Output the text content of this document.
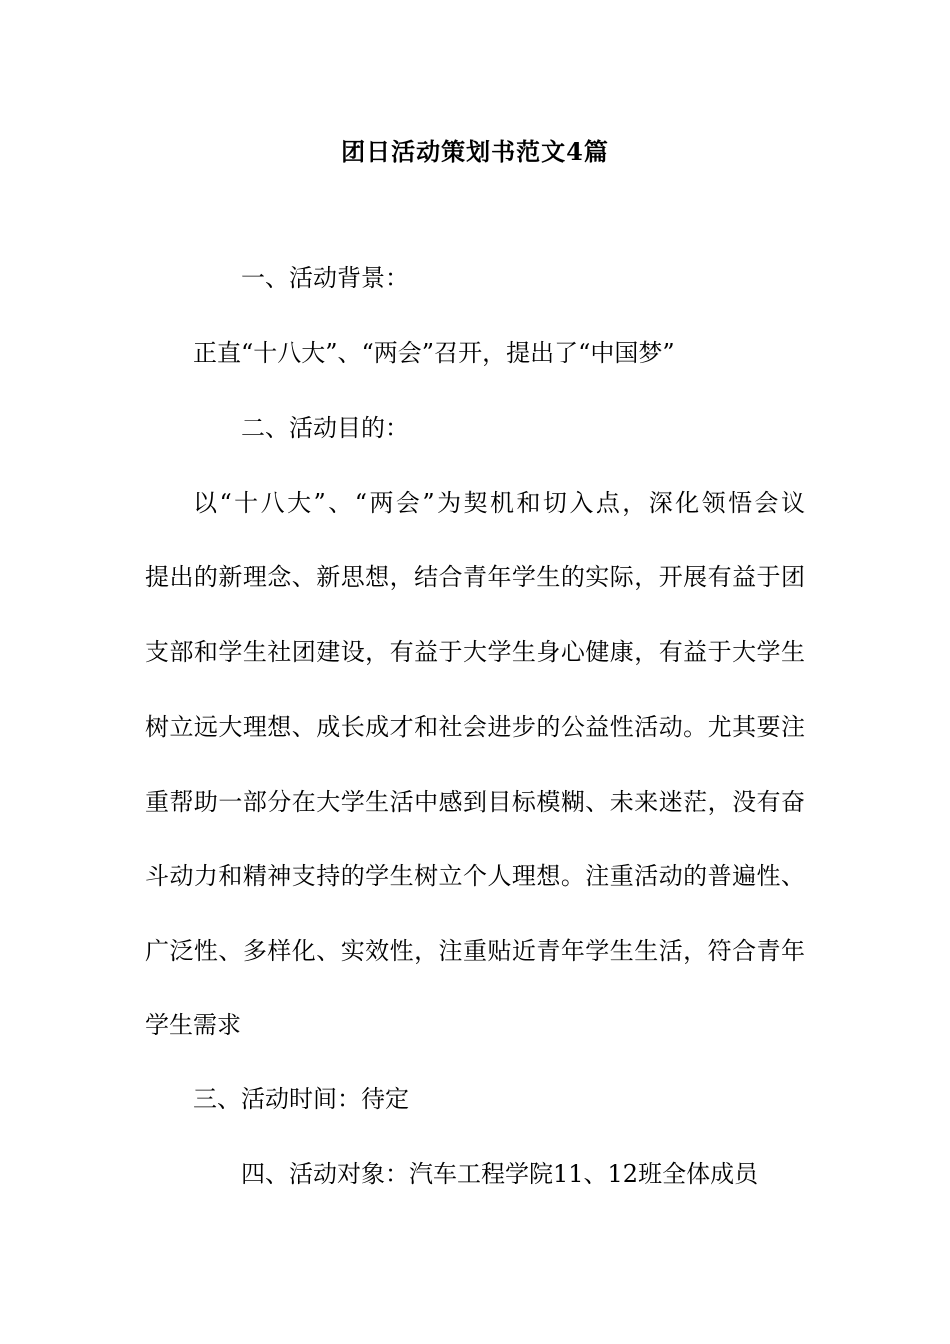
团日活动策划书范文4篇
一、活动背景：
正直“十八大”、“两会”召开，提出了“中国梦”
二、活动目的：
以“十八大”、“两会”为契机和切入点，深化领悟会议
提出的新理念、新思想，结合青年学生的实际，开展有益于团
支部和学生社团建设，有益于大学生身心健康，有益于大学生
树立远大理想、成长成才和社会进步的公益性活动。尤其要注
重帮助一部分在大学生活中感到目标模糊、未来迷茫，没有奋
斗动力和精神支持的学生树立个人理想。注重活动的普遍性、
广泛性、多样化、实效性，注重贴近青年学生生活，符合青年
学生需求
三、活动时间：待定
四、活动对象：汽车工程学院11、12班全体成员
